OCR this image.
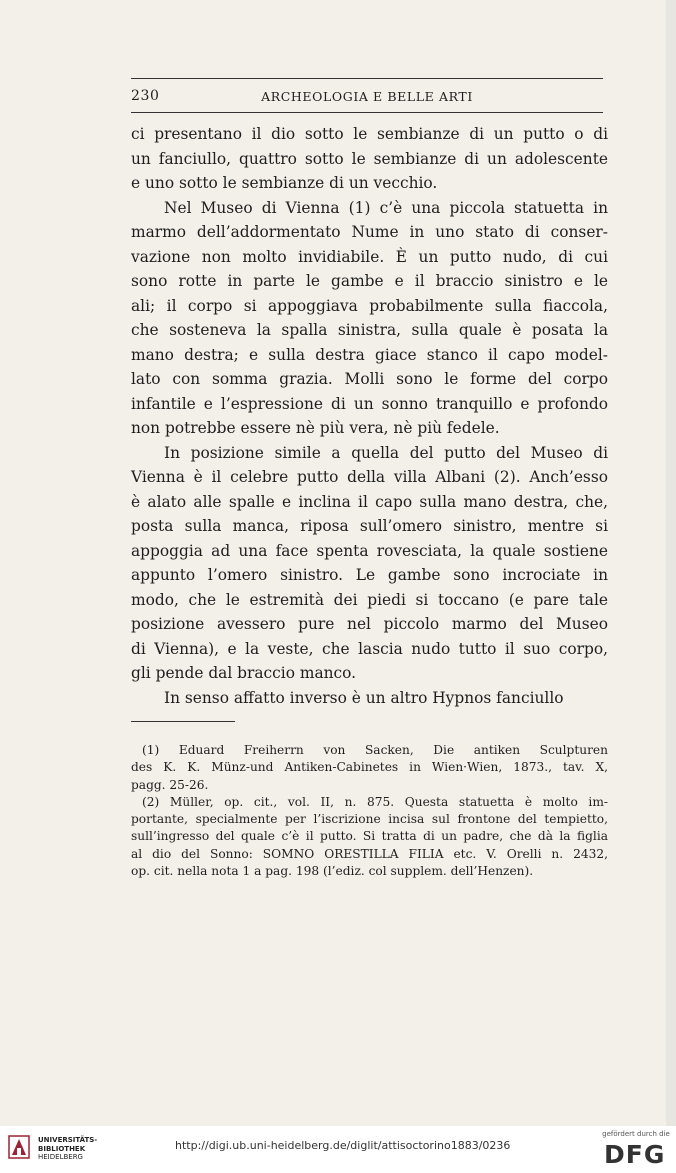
230	ARCHEOLOGIA E BELLE ARTI
ci presentano il dio sotto le sembianze di un putto o di
un fanciullo, quattro sotto le sembianze di un adolescente
e uno sotto le sembianze di un vecchio.
Nel Museo di Vienna (1) c’è una piccola statuetta in
marmo dell’addormentato Nume in uno stato di conser-
vazione non molto invidiabile. È un putto nudo, di cui
sono rotte in parte le gambe e il braccio sinistro e le
ali; il corpo si appoggiava probabilmente sulla fiaccola,
che sosteneva la spalla sinistra, sulla quale è posata la
mano destra; e sulla destra giace stanco il capo model-
lato con somma grazia. Molli sono le forme del corpo
infantile e l’espressione di un sonno tranquillo e profondo
non potrebbe essere nè più vera, nè più fedele.
In posizione simile a quella del putto del Museo di
Vienna è il celebre putto della villa Albani (2). Anch’esso
è alato alle spalle e inclina il capo sulla mano destra, che,
posta sulla manca, riposa sull’omero sinistro, mentre si
appoggia ad una face spenta rovesciata, la quale sostiene
appunto l’omero sinistro. Le gambe sono incrociate in
modo, che le estremità dei piedi si toccano (e pare tale
posizione avessero pure nel piccolo marmo del Museo
di Vienna), e la veste, che lascia nudo tutto il suo corpo,
gli pende dal braccio manco.
In senso affatto inverso è un altro Hypnos fanciullo
(1) Eduard Freiherrn von Sacken, Die antiken Sculpturen
des K. K. Münz-und Antiken-Cabinetes in Wien·Wien, 1873., tav. X,
pagg. 25-26.
(2) Müller, op. cit., vol. II, n. 875. Questa statuetta è molto im-
portante, specialmente per l’iscrizione incisa sul frontone del tempietto,
sull’ingresso del quale c’è il putto. Si tratta di un padre, che dà la figlia
al dio del Sonno: SOMNO ORESTILLA FILIA etc. V. Orelli n. 2432,
op. cit. nella nota 1 a pag. 198 (l’ediz. col supplem. dell’Henzen).
UNIVERSITÄTS-
BIBLIOTHEK
HEIDELBERG
http://digi.ub.uni-heidelberg.de/diglit/attisoctorino1883/0236
gefördert durch die
DFG
